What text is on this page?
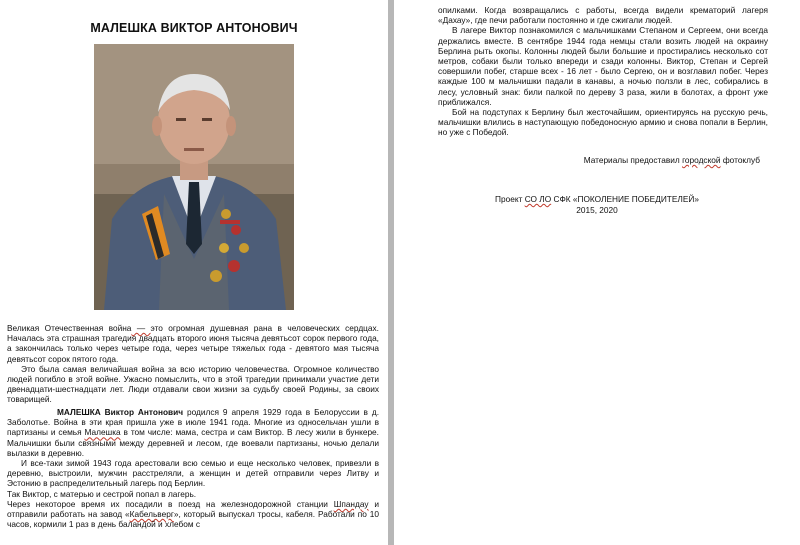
МАЛЕШКА ВИКТОР АНТОНОВИЧ

Великая Отечественная война — это огромная душевная рана в человеческих сердцах. Началась эта страшная трагедия двадцать второго июня тысяча девятьсот сорок первого года, а закончилась только через четыре года, через четыре тяжелых года - девятого мая тысяча девятьсот сорок пятого года.

Это была самая величайшая война за всю историю человечества. Огромное количество людей погибло в этой войне. Ужасно помыслить, что в этой трагедии принимали участие дети двенадцати-шестнадцати лет. Люди отдавали свои жизни за судьбу своей Родины, за своих товарищей.

МАЛЕШКА Виктор Антонович родился 9 апреля 1929 года в Белоруссии в д. Заболотье. Война в эти края пришла уже в июле 1941 года. Многие из односельчан ушли в партизаны и семья Малешка в том числе: мама, сестра и сам Виктор. В лесу жили в бункере. Мальчишки были связными между деревней и лесом, где воевали партизаны, ночью делали вылазки в деревню.

И все-таки зимой 1943 года арестовали всю семью и еще несколько человек, привезли в деревню, выстроили, мужчин расстреляли, а женщин и детей отправили через Литву и Эстонию в распределительный лагерь под Берлин.

Так Виктор, с матерью и сестрой попал в лагерь.

Через некоторое время их посадили в поезд на железнодорожной станции Шпандау и отправили работать на завод «Кабельверг», который выпускал тросы, кабеля. Работали по 10 часов, кормили 1 раз в день баландой и хлебом с

опилками. Когда возвращались с работы, всегда видели крематорий лагеря «Дахау», где печи работали постоянно и где сжигали людей.

В лагере Виктор познакомился с мальчишками Степаном и Сергеем, они всегда держались вместе. В сентябре 1944 года немцы стали возить людей на окраину Берлина рыть окопы. Колонны людей были большие и простирались несколько сот метров, собаки были только впереди и сзади колонны. Виктор, Степан и Сергей совершили побег, старше всех - 16 лет - было Сергею, он и возглавил побег. Через каждые 100 м мальчишки падали в канавы, а ночью ползли в лес, собирались в лесу, условный знак: били палкой по дереву 3 раза, жили в болотах, а фронт уже приближался.

Бой на подступах к Берлину был жесточайшим, ориентируясь на русскую речь, мальчишки влились в наступающую победоносную армию и снова попали в Берлин, но уже с Победой.

Материалы предоставил городской фотоклуб
Проект СО ЛО СФК «ПОКОЛЕНИЕ ПОБЕДИТЕЛЕЙ»
2015, 2020
